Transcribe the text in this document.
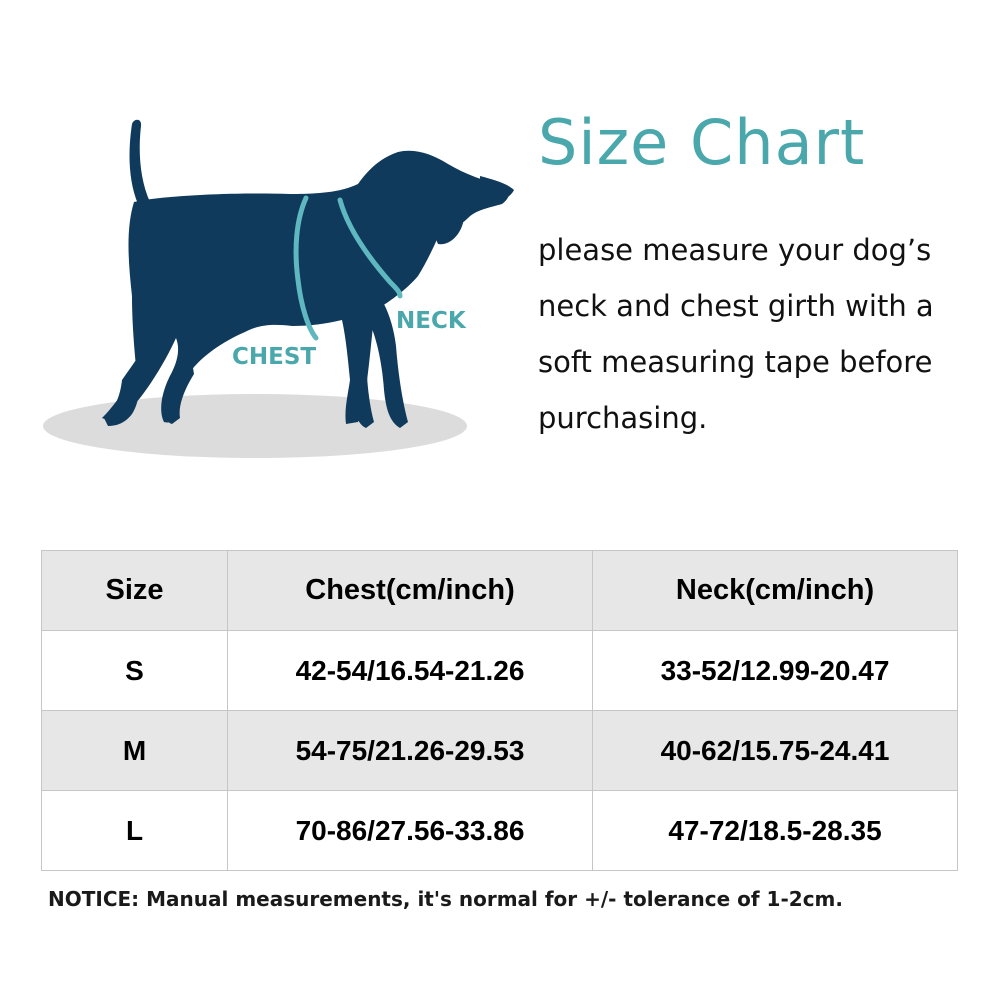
CHEST
NECK
Size Chart

please measure your dog’s neck and chest girth with a soft measuring tape before purchasing.

Size	Chest(cm/inch)	Neck(cm/inch)
S	42-54/16.54-21.26	33-52/12.99-20.47
M	54-75/21.26-29.53	40-62/15.75-24.41
L	70-86/27.56-33.86	47-72/18.5-28.35

NOTICE: Manual measurements, it's normal for +/- tolerance of 1-2cm.
